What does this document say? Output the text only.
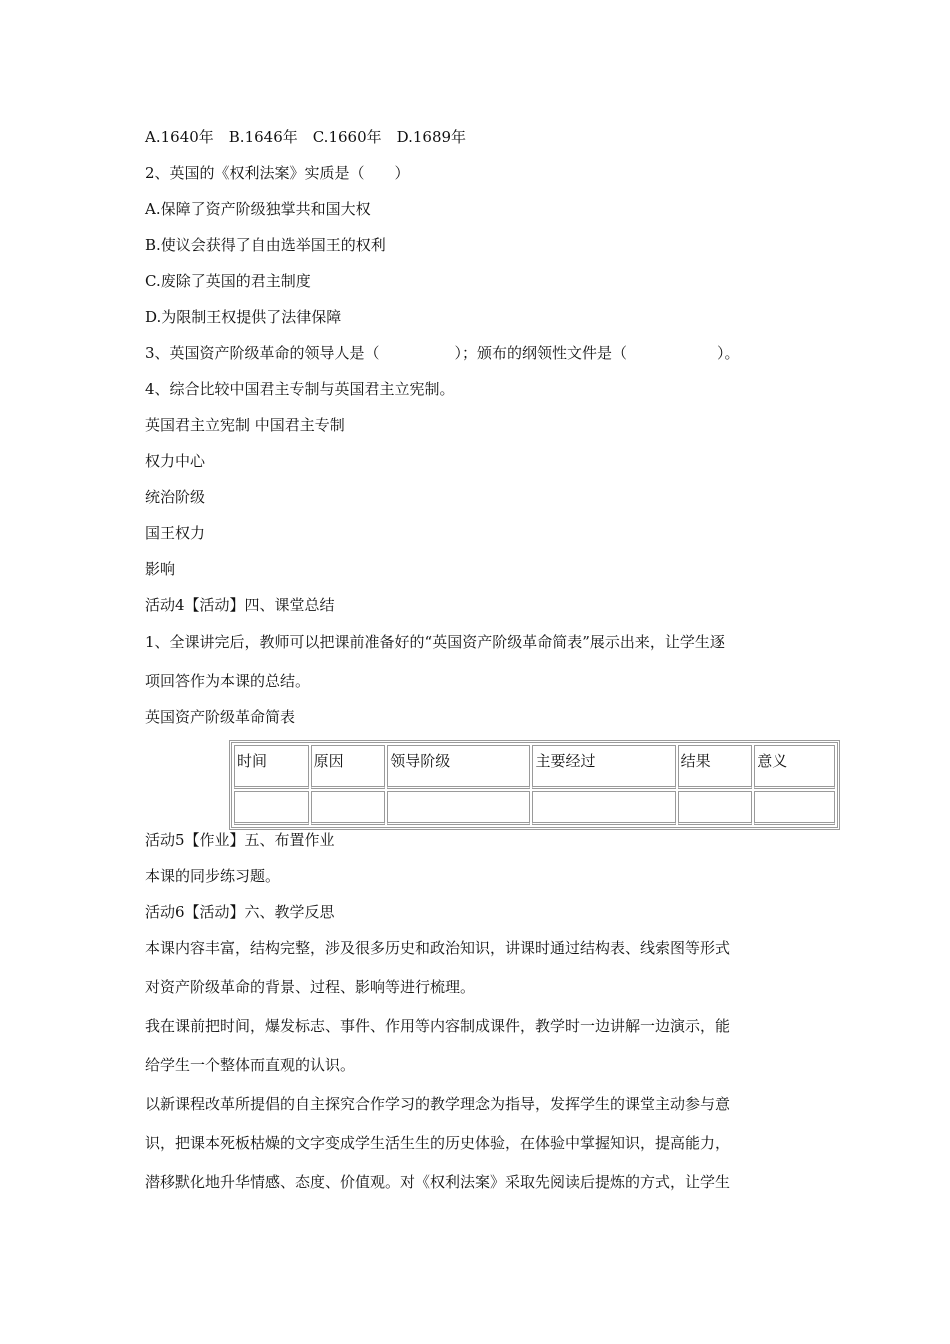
A.1640年　B.1646年　C.1660年　D.1689年
2、英国的《权利法案》实质是（　　）
A.保障了资产阶级独掌共和国大权
B.使议会获得了自由选举国王的权利
C.废除了英国的君主制度
D.为限制王权提供了法律保障
3、英国资产阶级革命的领导人是（　　　　　）；颁布的纲领性文件是（　　　　　　）。
4、综合比较中国君主专制与英国君主立宪制。
英国君主立宪制 中国君主专制
权力中心
统治阶级
国王权力
影响
活动4【活动】四、课堂总结
1、全课讲完后，教师可以把课前准备好的“英国资产阶级革命简表”展示出来，让学生逐
项回答作为本课的总结。
英国资产阶级革命简表
时间	原因	领导阶级	主要经过	结果	意义

活动5【作业】五、布置作业
本课的同步练习题。
活动6【活动】六、教学反思
本课内容丰富，结构完整，涉及很多历史和政治知识，讲课时通过结构表、线索图等形式
对资产阶级革命的背景、过程、影响等进行梳理。
我在课前把时间，爆发标志、事件、作用等内容制成课件，教学时一边讲解一边演示，能
给学生一个整体而直观的认识。
以新课程改革所提倡的自主探究合作学习的教学理念为指导，发挥学生的课堂主动参与意
识，把课本死板枯燥的文字变成学生活生生的历史体验，在体验中掌握知识，提高能力，
潜移默化地升华情感、态度、价值观。对《权利法案》采取先阅读后提炼的方式，让学生
